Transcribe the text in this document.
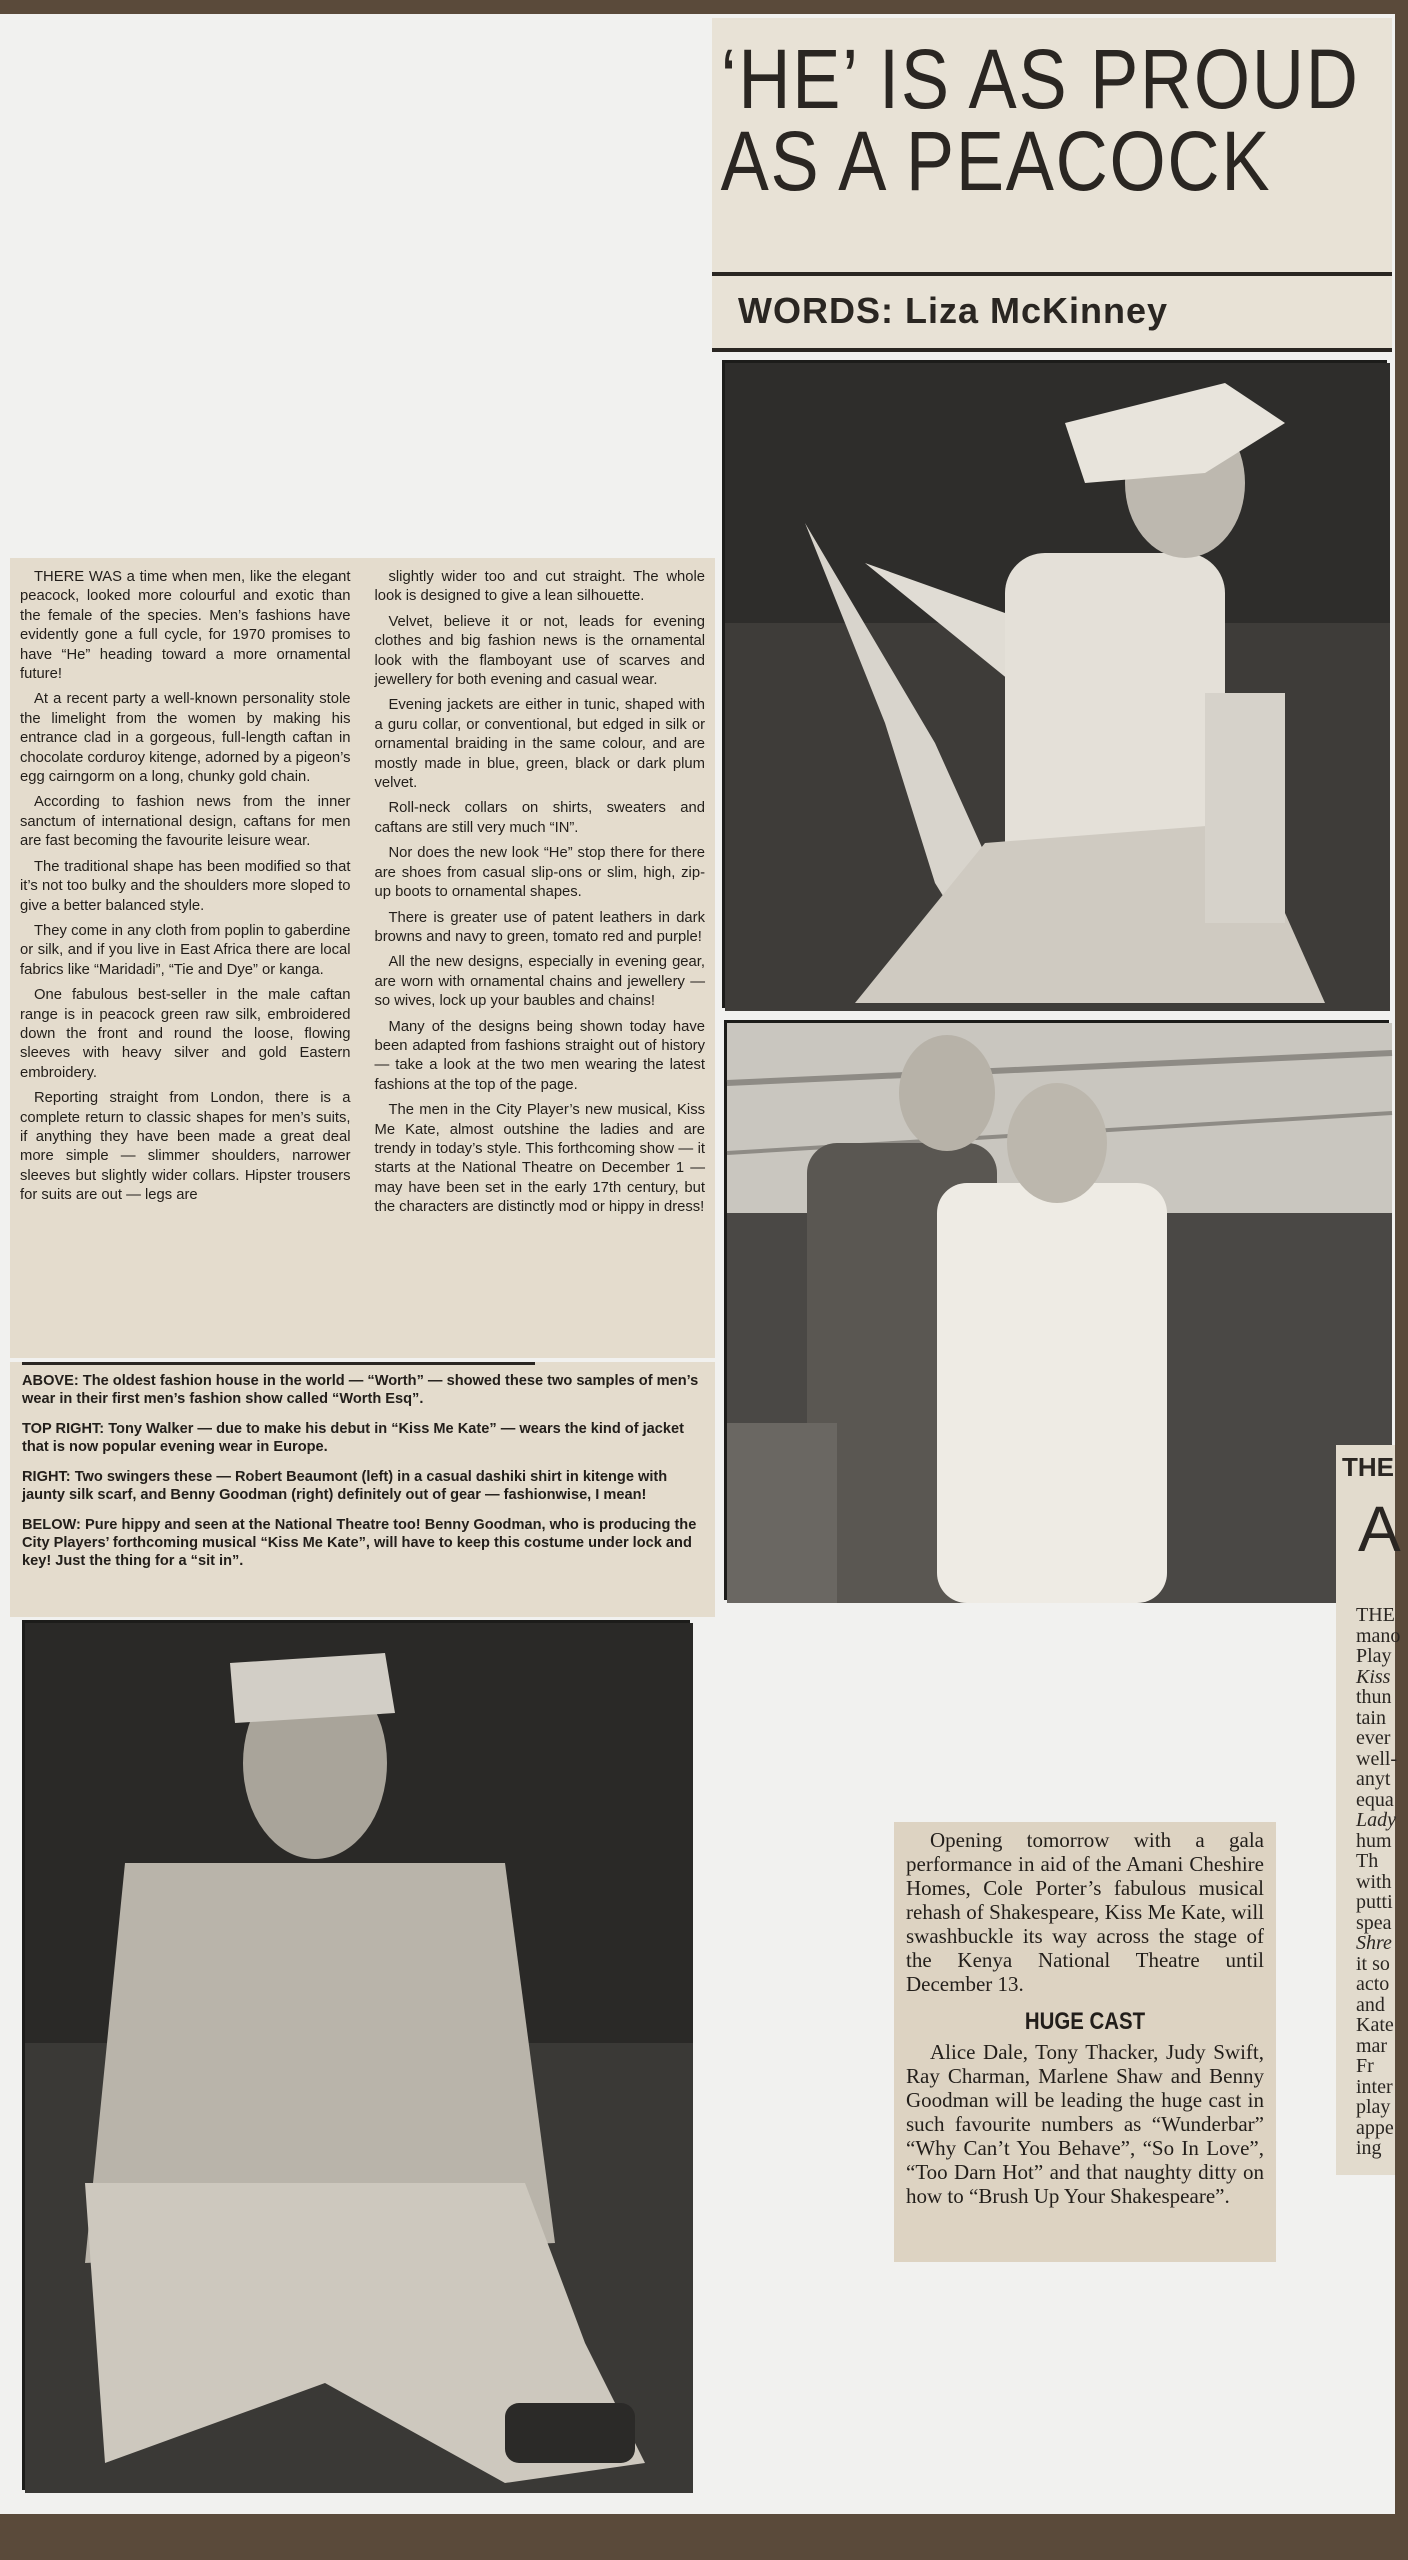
‘HE’ IS AS PROUD
AS A PEACOCK
WORDS: Liza McKinney

THERE WAS a time when men, like the elegant peacock, looked more colourful and exotic than the female of the species. Men’s fashions have evidently gone a full cycle, for 1970 promises to have “He” heading toward a more ornamental future!

At a recent party a well-known personality stole the limelight from the women by making his entrance clad in a gorgeous, full-length caftan in chocolate corduroy kitenge, adorned by a pigeon’s egg cairngorm on a long, chunky gold chain.

According to fashion news from the inner sanctum of international design, caftans for men are fast becoming the favourite leisure wear.

The traditional shape has been modified so that it’s not too bulky and the shoulders more sloped to give a better balanced style.

They come in any cloth from poplin to gaberdine or silk, and if you live in East Africa there are local fabrics like “Maridadi”, “Tie and Dye” or kanga.

One fabulous best-seller in the male caftan range is in peacock green raw silk, embroidered down the front and round the loose, flowing sleeves with heavy silver and gold Eastern embroidery.

Reporting straight from London, there is a complete return to classic shapes for men’s suits, if anything they have been made a great deal more simple — slimmer shoulders, narrower sleeves but slightly wider collars. Hipster trousers for suits are out — legs are

slightly wider too and cut straight. The whole look is designed to give a lean silhouette.

Velvet, believe it or not, leads for evening clothes and big fashion news is the ornamental look with the flamboyant use of scarves and jewellery for both evening and casual wear.

Evening jackets are either in tunic, shaped with a guru collar, or conventional, but edged in silk or ornamental braiding in the same colour, and are mostly made in blue, green, black or dark plum velvet.

Roll-neck collars on shirts, sweaters and caftans are still very much “IN”.

Nor does the new look “He” stop there for there are shoes from casual slip-ons or slim, high, zip-up boots to ornamental shapes.

There is greater use of patent leathers in dark browns and navy to green, tomato red and purple!

All the new designs, especially in evening gear, are worn with ornamental chains and jewellery — so wives, lock up your baubles and chains!

Many of the designs being shown today have been adapted from fashions straight out of history — take a look at the two men wearing the latest fashions at the top of the page.

The men in the City Player’s new musical, Kiss Me Kate, almost outshine the ladies and are trendy in today’s style. This forthcoming show — it starts at the National Theatre on December 1 — may have been set in the early 17th century, but the characters are distinctly mod or hippy in dress!

ABOVE: The oldest fashion house in the world — “Worth” — showed these two samples of men’s wear in their first men’s fashion show called “Worth Esq”.

TOP RIGHT: Tony Walker — due to make his debut in “Kiss Me Kate” — wears the kind of jacket that is now popular evening wear in Europe.

RIGHT: Two swingers these — Robert Beaumont (left) in a casual dashiki shirt in kitenge with jaunty silk scarf, and Benny Goodman (right) definitely out of gear — fashionwise, I mean!

BELOW: Pure hippy and seen at the National Theatre too! Benny Goodman, who is producing the City Players’ forthcoming musical “Kiss Me Kate”, will have to keep this costume under lock and key! Just the thing for a “sit in”.

Opening tomorrow with a gala performance in aid of the Amani Cheshire Homes, Cole Porter’s fabulous musical rehash of Shakespeare, Kiss Me Kate, will swashbuckle its way across the stage of the Kenya National Theatre until December 13.

HUGE CAST

Alice Dale, Tony Thacker, Judy Swift, Ray Charman, Marlene Shaw and Benny Goodman will be leading the huge cast in such favourite numbers as “Wunderbar” “Why Can’t You Behave”, “So In Love”, “Too Darn Hot” and that naughty ditty on how to “Brush Up Your Shakespeare”.

THE
A
THE
mano
Play
Kiss
thun
tain
ever
well-
anyt
equa
Lady
hum
Th
with
putti
spea
Shre
it so
acto
and
Kate
mar
Fr
inter
play
appe
ing
